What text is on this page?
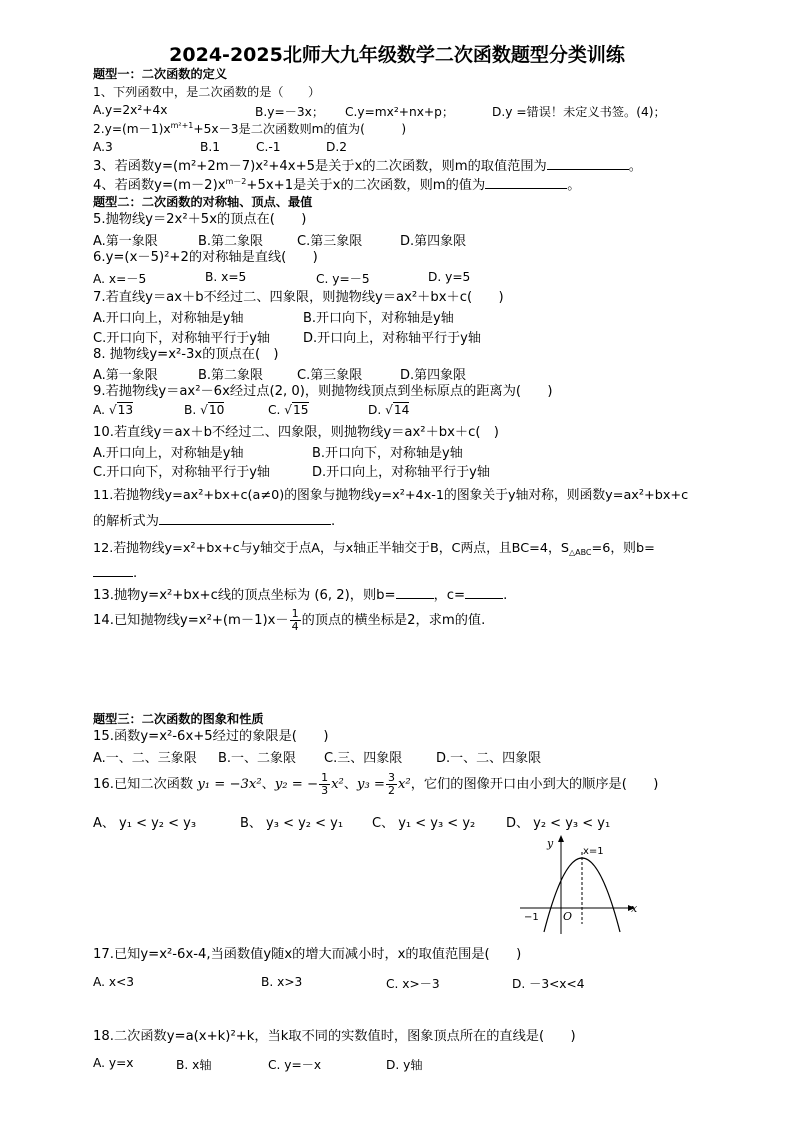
2024-2025北师大九年级数学二次函数题型分类训练
题型一：二次函数的定义
1、下列函数中，是二次函数的是（　　）
A.y=2x²+4x	B.y=－3x； C.y=mx²+nx+p；	D.y =错误！未定义书签。(4)；
$2.y=(m-1)x^{m^2+1}+5x-3$是二次函数则m的值为(　　　)
A.3	B.1	C.-1	D.2
3、若函数y=(m²+2m－7)x²+4x+5是关于x的二次函数，则m的取值范围为	。
4、若函数$y=(m-2)x^{m-2}+5x+1$是关于x的二次函数，则m的值为	。
题型二：二次函数的对称轴、顶点、最值
5.抛物线y＝2x²＋5x的顶点在(　　)
A.第一象限	B.第二象限	C.第三象限	D.第四象限
6.y=(x－5)²+2的对称轴是直线(　　)
A. x=－5	B. x=5	C. y=－5	D. y=5
7.若直线y＝ax＋b不经过二、四象限，则抛物线y＝ax²＋bx＋c(　　)
A.开口向上，对称轴是y轴	B.开口向下，对称轴是y轴
C.开口向下，对称轴平行于y轴	D.开口向上，对称轴平行于y轴
8. 抛物线y=x²-3x的顶点在(　)
A.第一象限	B.第二象限	C.第三象限	D.第四象限
9.若抛物线y＝ax²－6x经过点(2, 0)，则抛物线顶点到坐标原点的距离为(　　)
A. √13	B. √10	C. √15	D. √14
10.若直线y＝ax＋b不经过二、四象限，则抛物线y＝ax²＋bx＋c(　)
A.开口向上，对称轴是y轴	B.开口向下，对称轴是y轴
C.开口向下，对称轴平行于y轴	D.开口向上，对称轴平行于y轴
11.若抛物线y=ax²+bx+c(a≠0)的图象与抛物线y=x²+4x-1的图象关于y轴对称，则函数y=ax²+bx+c
的解析式为	.
12.若抛物线y=x²+bx+c与y轴交于点A，与x轴正半轴交于B，C两点，且BC=4，$S_{\triangle ABC}=6$，则b=
.
13.抛物y=x²+bx+c线的顶点坐标为 (6, 2)，则b=	，c=	.
14.已知抛物线$y=x^2+(m-1)x- \frac{1}{4}$ 的顶点的横坐标是2，求m的值.
题型三：二次函数的图象和性质
15.函数y=x²-6x+5经过的象限是(　　)
A.一、二、三象限 B.一、二象限 C.三、四象限	D.一、二、四象限
16.已知二次函数 y₁ = −3x²、y₂ = − $\frac{1}{3} x^2$、$y_3 = \frac{3}{2} x^2$，它们的图像开口由小到大的顺序是(　　)
A、 y₁ < y₂ < y₃	B、 y₃ < y₂ < y₁ C、 y₁ < y₃ < y₂ D、 y₂ < y₃ < y₁
y
x
x=1
−1 O
17.已知y=x²-6x-4,当函数值y随x的增大而减小时，x的取值范围是(　　)
A. x<3	B. x>3	C. x>－3	D. －3<x<4
18.二次函数y=a(x+k)²+k，当k取不同的实数值时，图象顶点所在的直线是(　　)
A. y=x	B. x轴	C. y=－x	D. y轴
